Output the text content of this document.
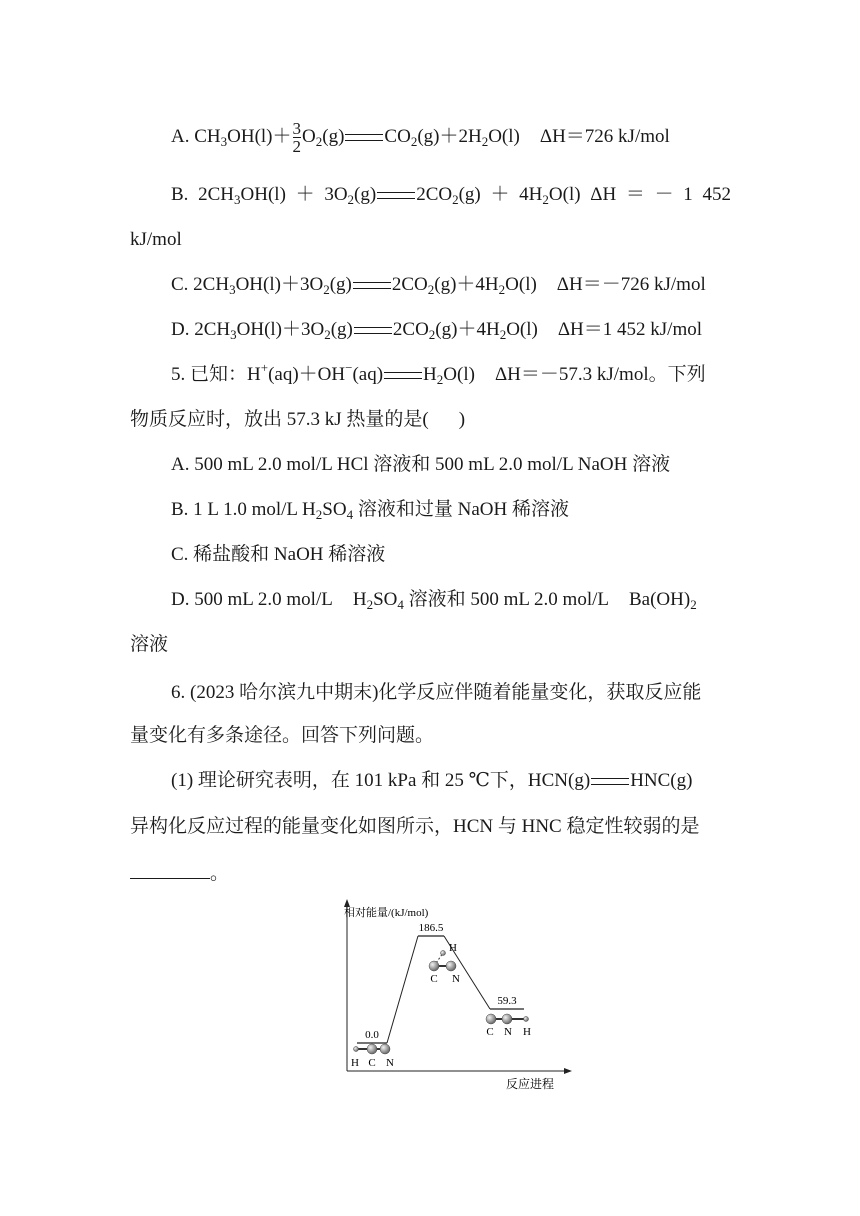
A. $CH_3OH(l)+ \frac{3}{2} O_2(g)$ $CO_2(g)+2H_2O(l)$ ΔH＝726 kJ/mol
B. $2CH_3OH(l) + 3O_2(g) 2CO_2(g) + 4H_2O(l) \Delta H$ ＝ － 1 452
kJ/mol
C. $2CH_3OH(l)+3O_2(g)$ $2CO_2(g)+4H_2O(l)$ ΔH＝－726 kJ/mol
D. $2CH_3OH(l)+3O_2(g)$ $2CO_2(g)+4H_2O(l)$ ΔH＝1 452 kJ/mol
5. 已知：H+(aq)＋OH−(aq) $H_2O(l)$ ΔH＝－57.3 kJ/mol。下列
物质反应时，放出 57.3 kJ 热量的是( )
A. 500 mL 2.0 mol/L HCl 溶液和 500 mL 2.0 mol/L NaOH 溶液
B. 1 L 1.0 mol/L $H_2SO_4$ 溶液和过量 NaOH 稀溶液
C. 稀盐酸和 NaOH 稀溶液
D. 500 mL 2.0 mol/L $H_2SO_4$ 溶液和 500 mL 2.0 mol/L $Ba(OH)_2$
溶液
6. (2023 哈尔滨九中期末)化学反应伴随着能量变化，获取反应能
量变化有多条途径。回答下列问题。
(1) 理论研究表明，在 101 kPa 和 25 ℃下，HCN(g) HNC(g)
异构化反应过程的能量变化如图所示，HCN 与 HNC 稳定性较弱的是
。
相对能量/(kJ/mol)
反应进程
0.0
186.5
59.3
H C N
H
C N
C N H
